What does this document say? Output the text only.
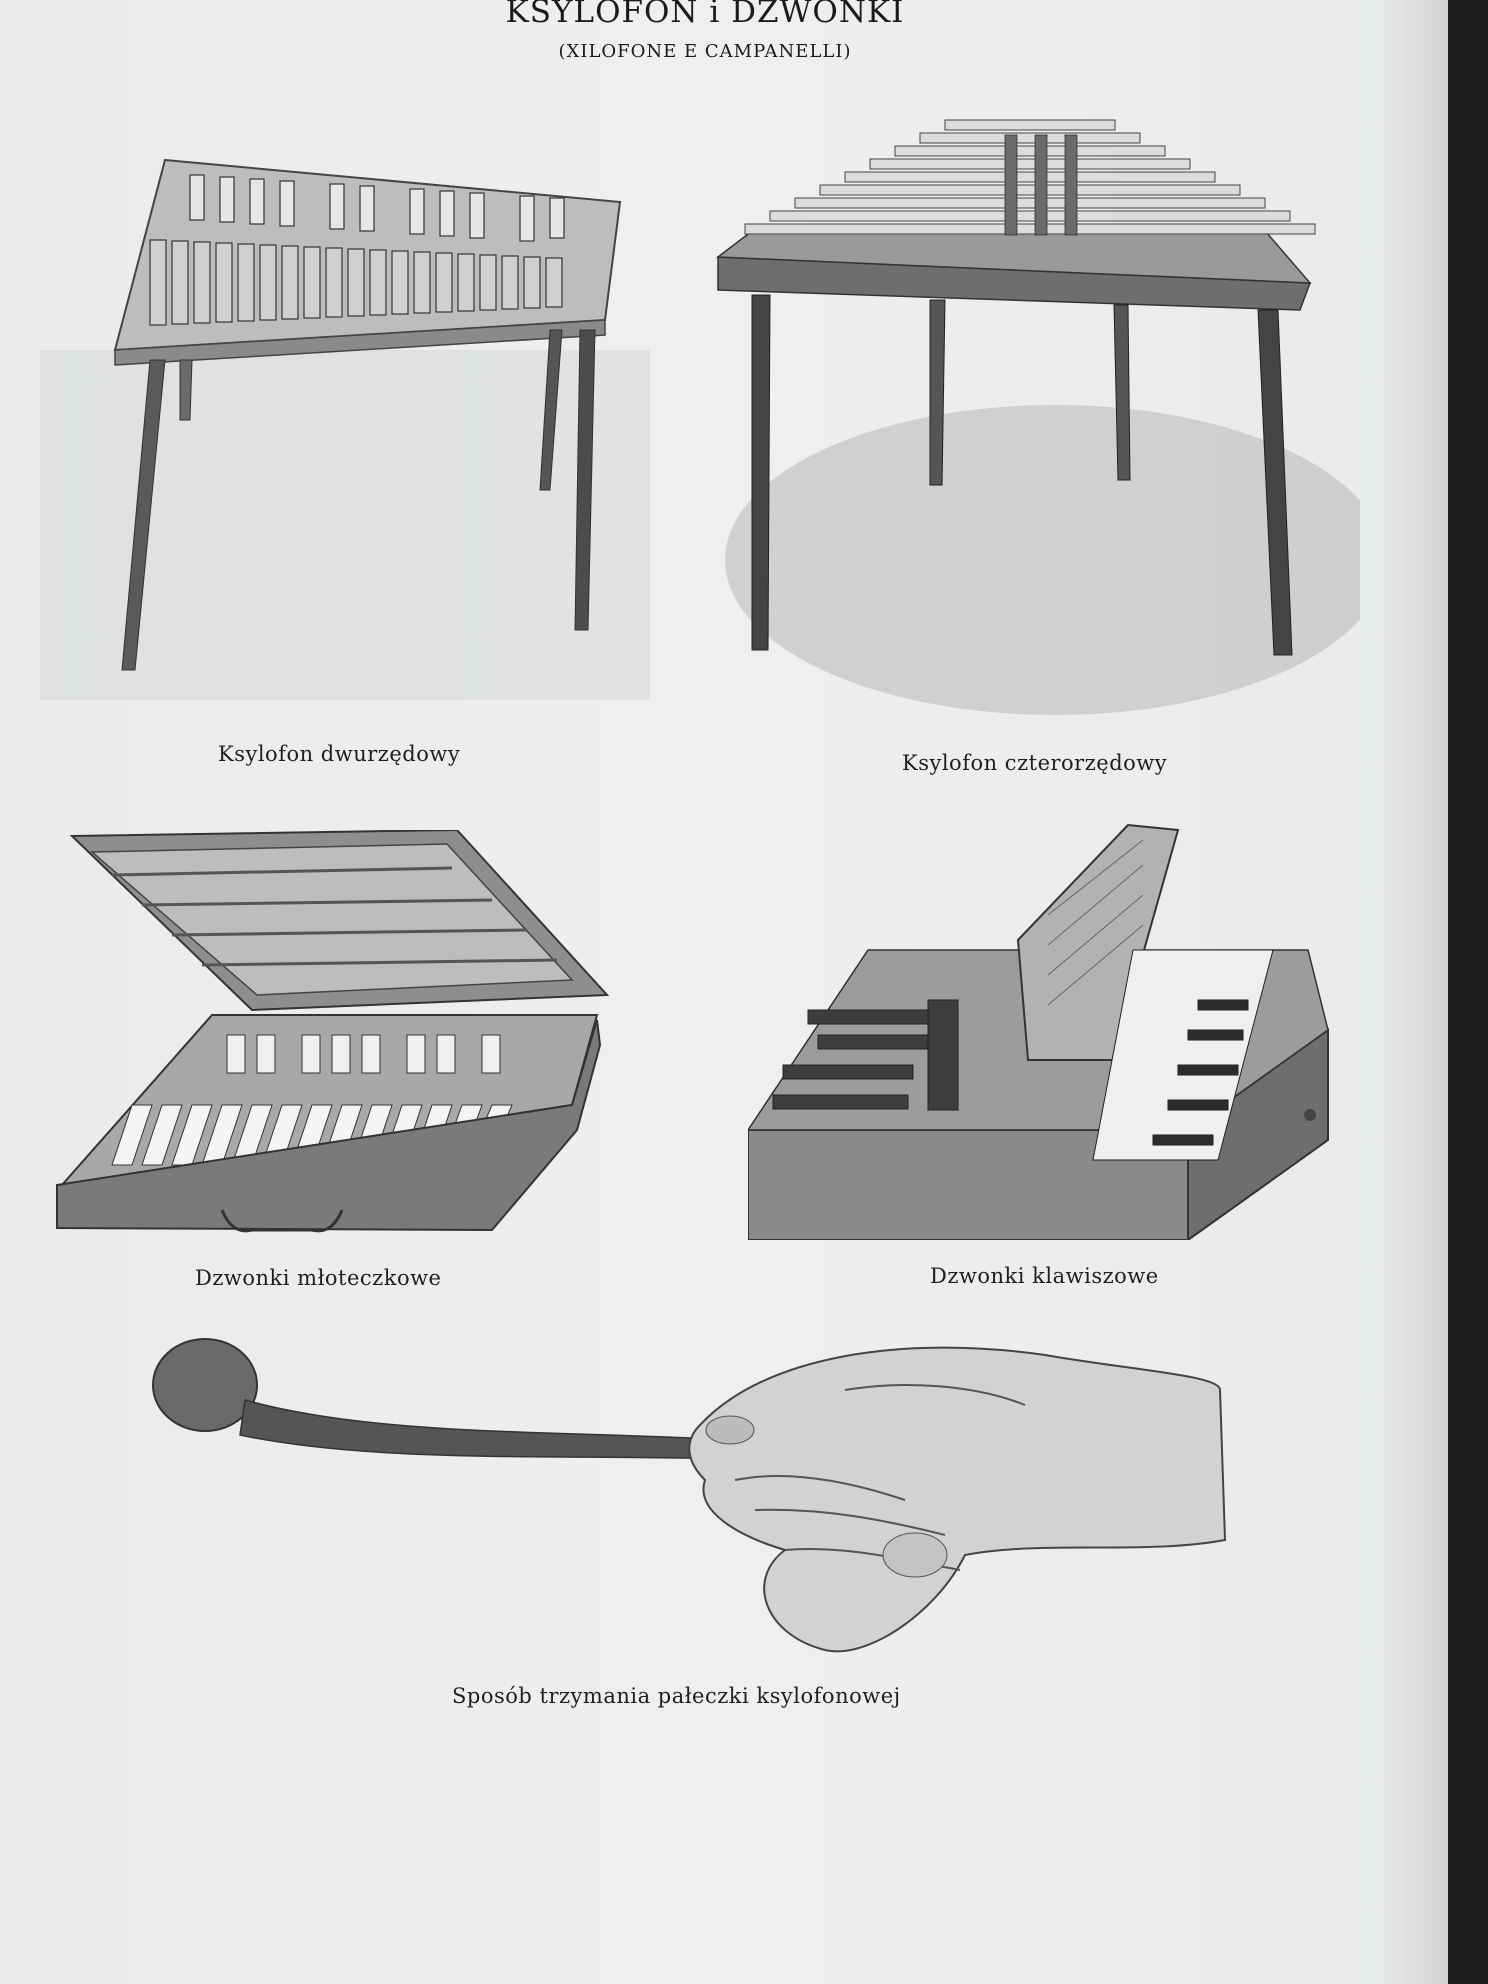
KSYLOFON i DZWONKI
(XILOFONE E CAMPANELLI)
Ksylofon dwurzędowy	Ksylofon czterorzędowy
Dzwonki młoteczkowe	Dzwonki klawiszowe
Sposób trzymania pałeczki ksylofonowej
